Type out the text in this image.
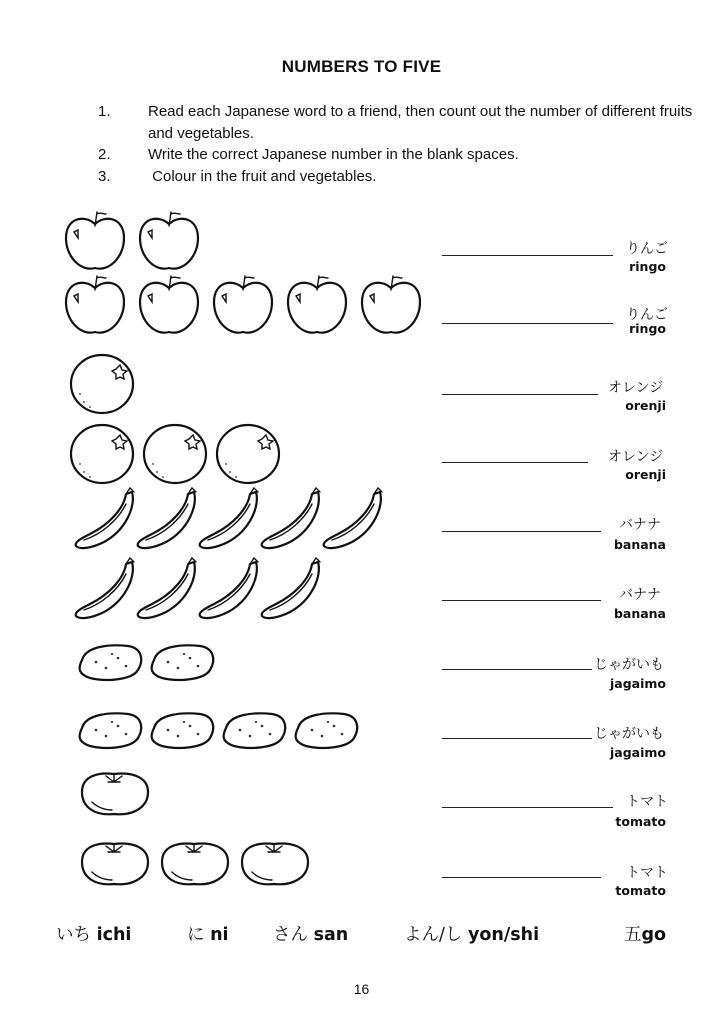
NUMBERS TO FIVE
1.	Read each Japanese word to a friend, then count out the number of different fruits and vegetables.
2.	Write the correct Japanese number in the blank spaces.
3.	Colour in the fruit and vegetables.
りんご
ringo
りんご
ringo
オレンジ
orenji
オレンジ
orenji
バナナ
banana
バナナ
banana
じゃがいも
jagaimo
じゃがいも
jagaimo
トマト
tomato
トマト
tomato
いち ichi	に ni	さん san	よん/し yon/shi	五go
16
